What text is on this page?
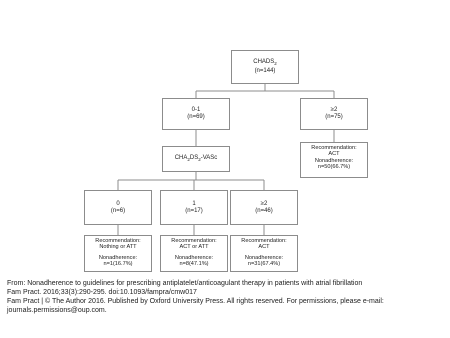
$CHADS_2$
(n=144)
0-1
(n=69)
≥2
(n=75)
Recommendation:
ACT
Nonadherence:
n=50(66.7%)
$CHA_2DS_2$-VASc
0
(n=6)
1
(n=17)
≥2
(n=46)
Recommendation:
Nothing or ATT
Nonadherence:
n=1(16.7%)
Recommendation:
ACT or ATT
Nonadherence:
n=8(47.1%)
Recommendation:
ACT
Nonadherence:
n=31(67.4%)
From: Nonadherence to guidelines for prescribing antiplatelet/anticoagulant therapy in patients with atrial fibrillation
Fam Pract. 2016;33(3):290-295. doi:10.1093/fampra/cmw017
Fam Pract | © The Author 2016. Published by Oxford University Press. All rights reserved. For permissions, please e-mail: journals.permissions@oup.com.
